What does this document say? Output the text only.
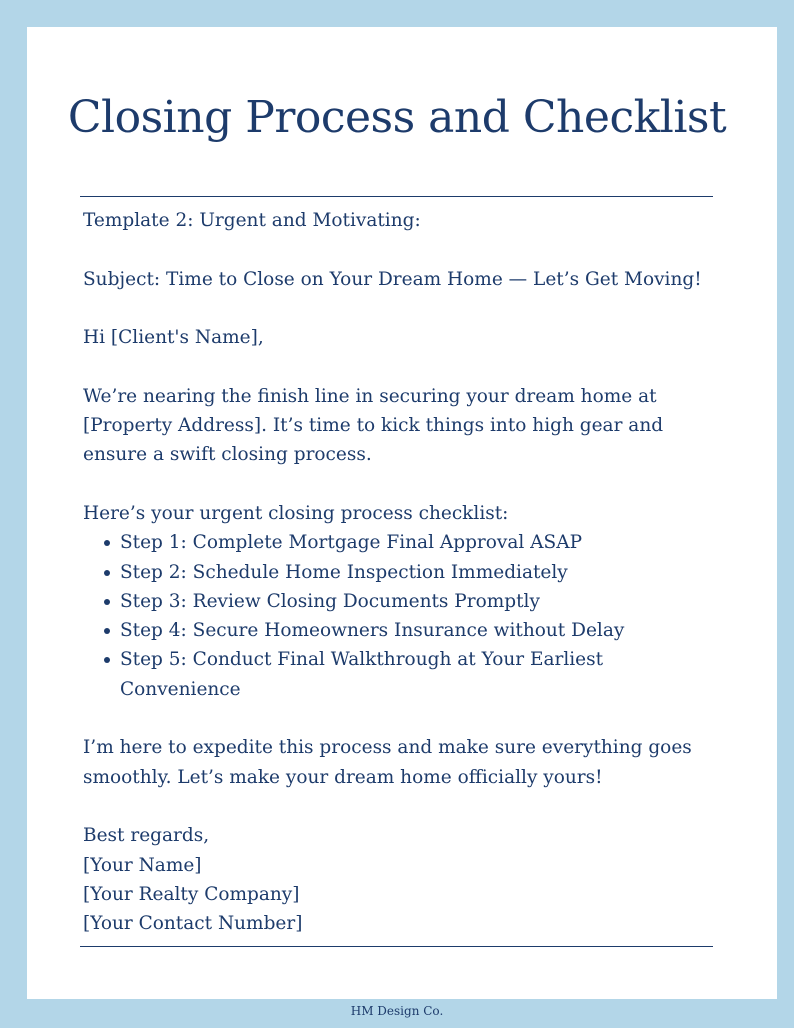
Closing Process and Checklist

Template 2: Urgent and Motivating:

Subject: Time to Close on Your Dream Home — Let’s Get Moving!

Hi [Client's Name],

We’re nearing the finish line in securing your dream home at [Property Address]. It’s time to kick things into high gear and ensure a swift closing process.

Here’s your urgent closing process checklist:

Step 1: Complete Mortgage Final Approval ASAP
Step 2: Schedule Home Inspection Immediately
Step 3: Review Closing Documents Promptly
Step 4: Secure Homeowners Insurance without Delay
Step 5: Conduct Final Walkthrough at Your Earliest Convenience

I’m here to expedite this process and make sure everything goes smoothly. Let’s make your dream home officially yours!

Best regards,

[Your Name]

[Your Realty Company]

[Your Contact Number]

HM Design Co.
